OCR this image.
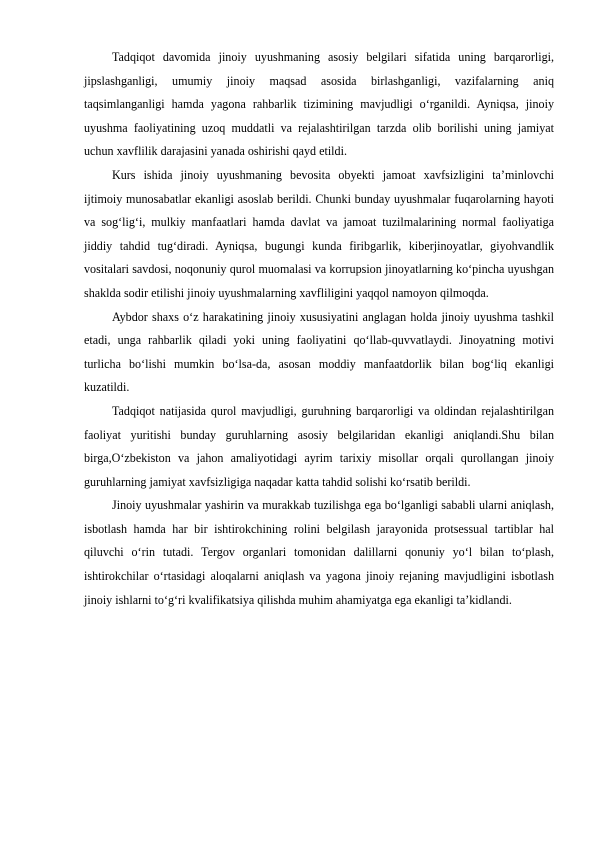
Tadqiqot davomida jinoiy uyushmaning asosiy belgilari sifatida uning barqarorligi, jipslashganligi, umumiy jinoiy maqsad asosida birlashganligi, vazifalarning aniq taqsimlanganligi hamda yagona rahbarlik tizimining mavjudligi o‘rganildi. Ayniqsa, jinoiy uyushma faoliyatining uzoq muddatli va rejalashtirilgan tarzda olib borilishi uning jamiyat uchun xavflilik darajasini yanada oshirishi qayd etildi.

Kurs ishida jinoiy uyushmaning bevosita obyekti jamoat xavfsizligini ta’minlovchi ijtimoiy munosabatlar ekanligi asoslab berildi. Chunki bunday uyushmalar fuqarolarning hayoti va sog‘lig‘i, mulkiy manfaatlari hamda davlat va jamoat tuzilmalarining normal faoliyatiga jiddiy tahdid tug‘diradi. Ayniqsa, bugungi kunda firibgarlik, kiberjinoyatlar, giyohvandlik vositalari savdosi, noqonuniy qurol muomalasi va korrupsion jinoyatlarning ko‘pincha uyushgan shaklda sodir etilishi jinoiy uyushmalarning xavfliligini yaqqol namoyon qilmoqda.

Aybdor shaxs o‘z harakatining jinoiy xususiyatini anglagan holda jinoiy uyushma tashkil etadi, unga rahbarlik qiladi yoki uning faoliyatini qo‘llab-quvvatlaydi. Jinoyatning motivi turlicha bo‘lishi mumkin bo‘lsa-da, asosan moddiy manfaatdorlik bilan bog‘liq ekanligi kuzatildi.

Tadqiqot natijasida qurol mavjudligi, guruhning barqarorligi va oldindan rejalashtirilgan faoliyat yuritishi bunday guruhlarning asosiy belgilaridan ekanligi aniqlandi.Shu bilan birga,O‘zbekiston va jahon amaliyotidagi ayrim tarixiy misollar orqali qurollangan jinoiy guruhlarning jamiyat xavfsizligiga naqadar katta tahdid solishi ko‘rsatib berildi.

Jinoiy uyushmalar yashirin va murakkab tuzilishga ega bo‘lganligi sababli ularni aniqlash, isbotlash hamda har bir ishtirokchining rolini belgilash jarayonida protsessual tartiblar hal qiluvchi o‘rin tutadi. Tergov organlari tomonidan dalillarni qonuniy yo‘l bilan to‘plash, ishtirokchilar o‘rtasidagi aloqalarni aniqlash va yagona jinoiy rejaning mavjudligini isbotlash jinoiy ishlarni to‘g‘ri kvalifikatsiya qilishda muhim ahamiyatga ega ekanligi ta’kidlandi.
